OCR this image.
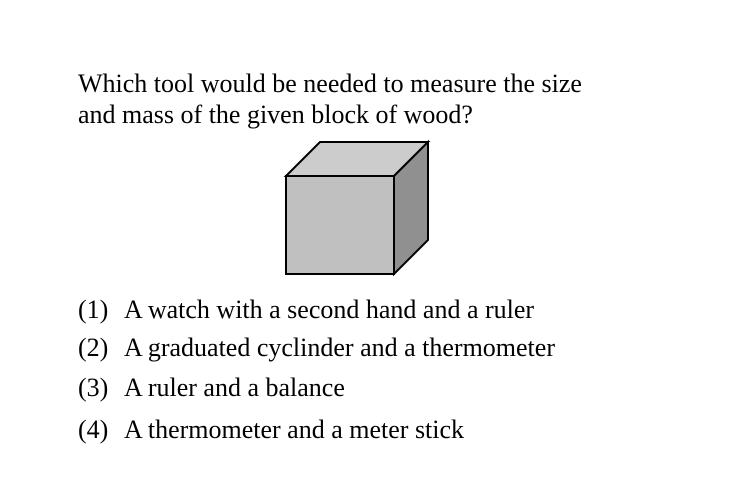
Which tool would be needed to measure the size
and mass of the given block of wood?
(1) A watch with a second hand and a ruler
(2) A graduated cyclinder and a thermometer
(3) A ruler and a balance
(4) A thermometer and a meter stick
